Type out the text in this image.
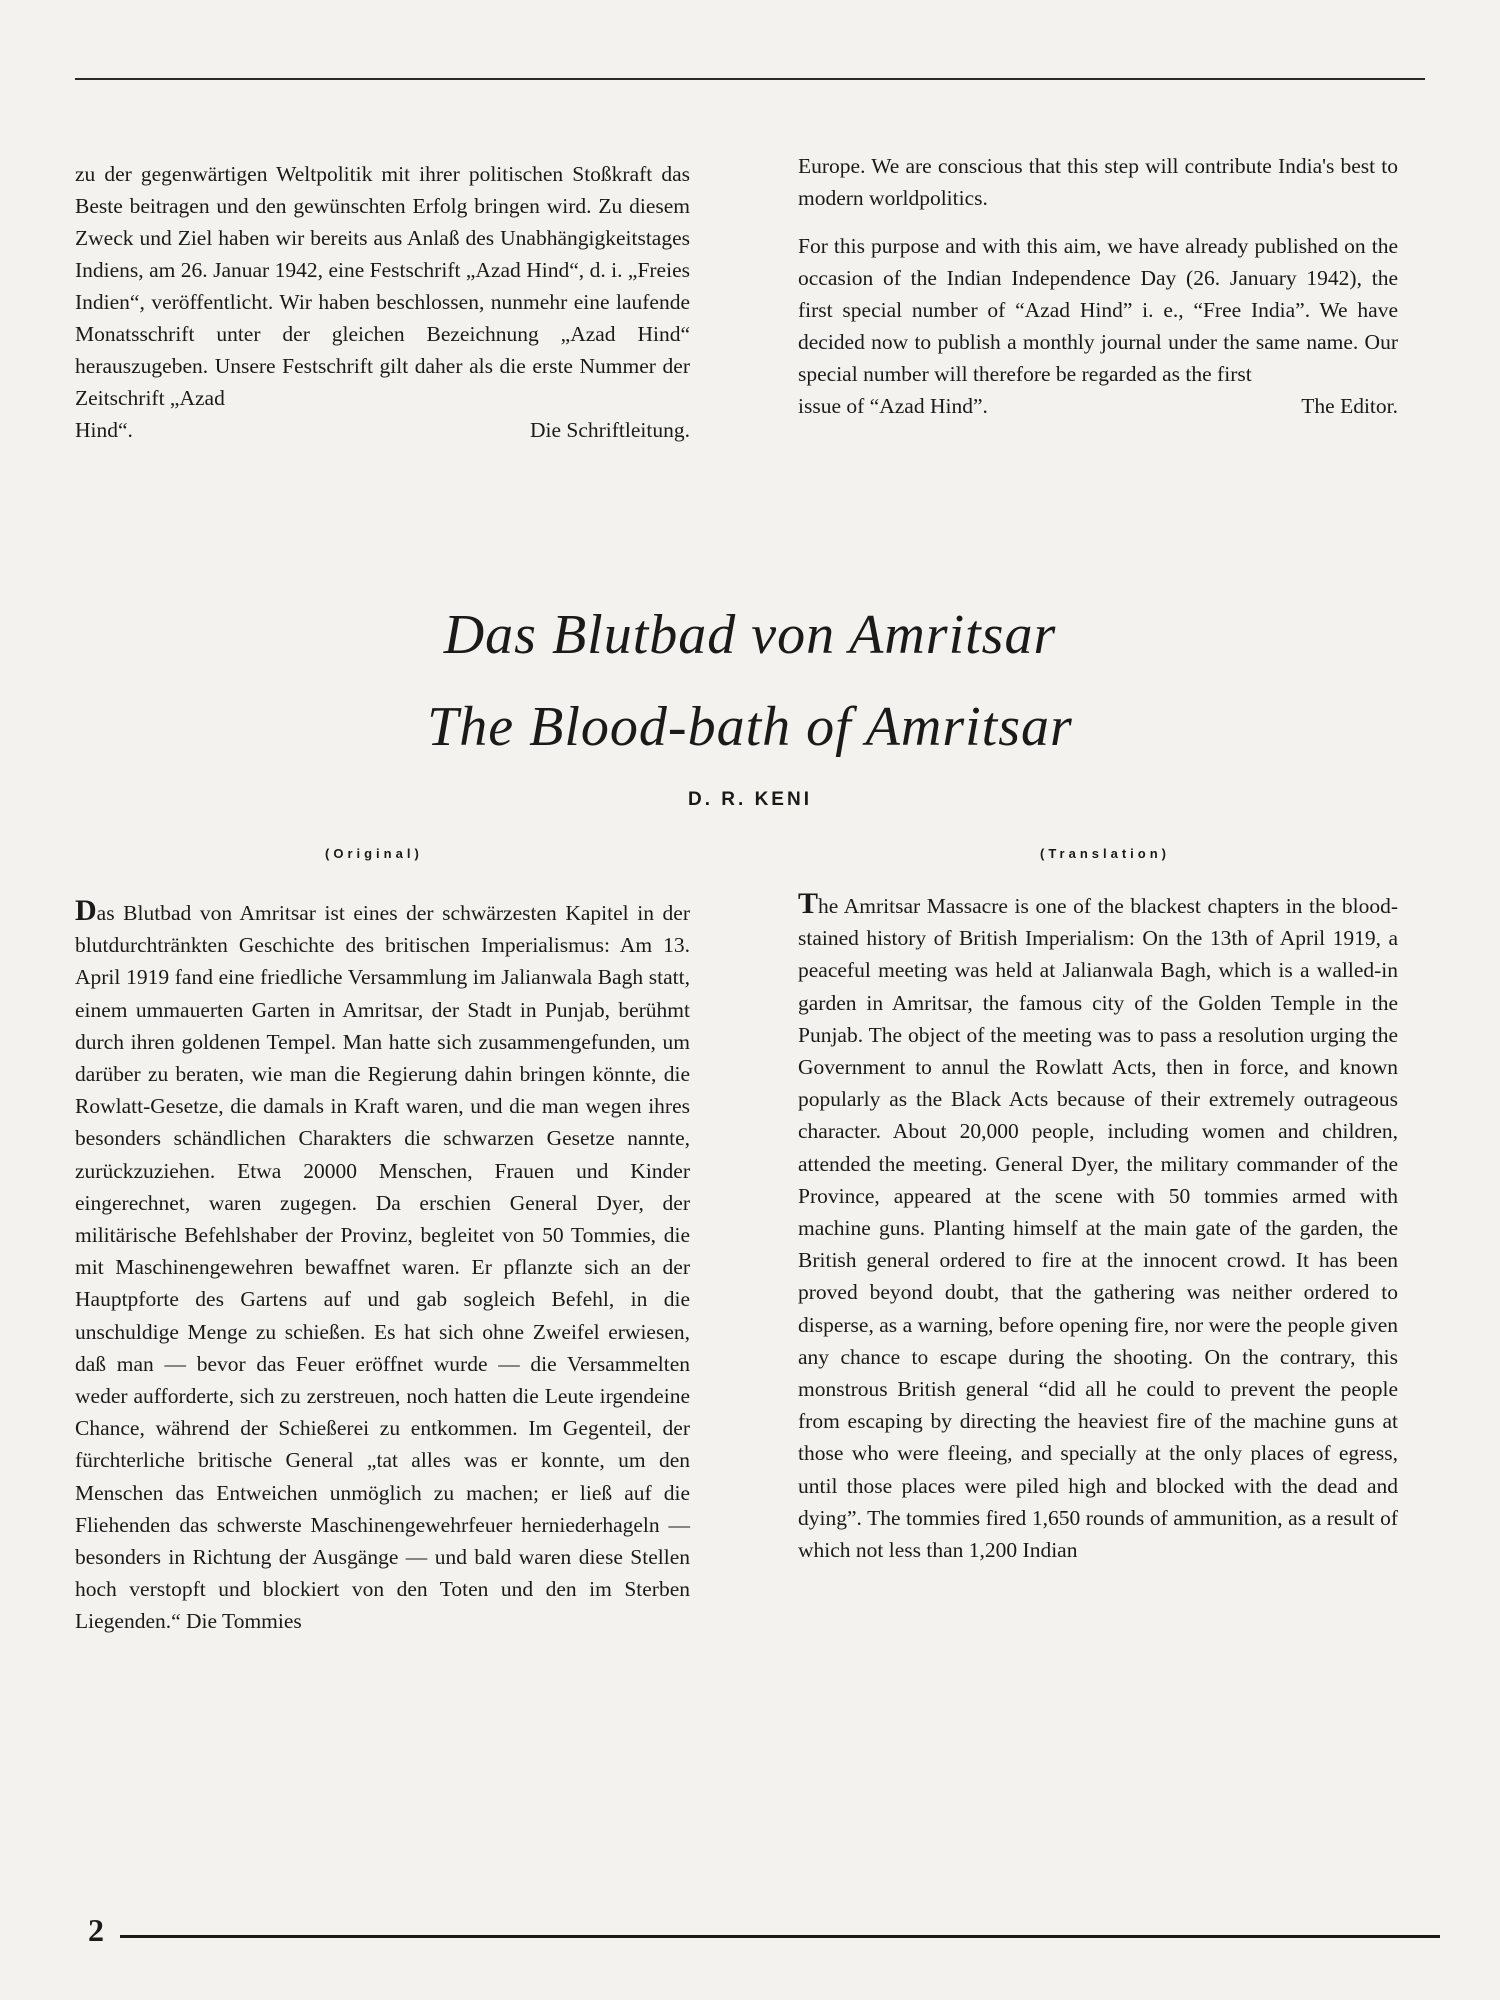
zu der gegenwärtigen Weltpolitik mit ihrer politischen Stoßkraft das Beste beitragen und den gewünschten Erfolg bringen wird. Zu diesem Zweck und Ziel haben wir bereits aus Anlaß des Unabhängigkeitstages Indiens, am 26. Januar 1942, eine Festschrift „Azad Hind“, d. i. „Freies Indien“, veröffentlicht. Wir haben beschlossen, nunmehr eine laufende Monatsschrift unter der gleichen Bezeichnung „Azad Hind“ herauszugeben. Unsere Festschrift gilt daher als die erste Nummer der Zeitschrift „Azad

Hind“.	Die Schriftleitung.

Europe. We are conscious that this step will contribute India's best to modern worldpolitics.

For this purpose and with this aim, we have already published on the occasion of the Indian Independence Day (26. January 1942), the first special number of “Azad Hind” i. e., “Free India”. We have decided now to publish a monthly journal under the same name. Our special number will therefore be regarded as the first

issue of “Azad Hind”.	The Editor.
Das Blutbad von Amritsar
The Blood-bath of Amritsar
D. R. KENI
(Original)	(Translation)

Das Blutbad von Amritsar ist eines der schwärzesten Kapitel in der blutdurchtränkten Geschichte des britischen Imperialismus: Am 13. April 1919 fand eine friedliche Versammlung im Jalianwala Bagh statt, einem ummauerten Garten in Amritsar, der Stadt in Punjab, berühmt durch ihren goldenen Tempel. Man hatte sich zusammengefunden, um darüber zu beraten, wie man die Regierung dahin bringen könnte, die Rowlatt-Gesetze, die damals in Kraft waren, und die man wegen ihres besonders schändlichen Charakters die schwarzen Gesetze nannte, zurückzuziehen. Etwa 20000 Menschen, Frauen und Kinder eingerechnet, waren zugegen. Da erschien General Dyer, der militärische Befehlshaber der Provinz, begleitet von 50 Tommies, die mit Maschinengewehren bewaffnet waren. Er pflanzte sich an der Hauptpforte des Gartens auf und gab sogleich Befehl, in die unschuldige Menge zu schießen. Es hat sich ohne Zweifel erwiesen, daß man — bevor das Feuer eröffnet wurde — die Versammelten weder aufforderte, sich zu zerstreuen, noch hatten die Leute irgendeine Chance, während der Schießerei zu entkommen. Im Gegenteil, der fürchterliche britische General „tat alles was er konnte, um den Menschen das Entweichen unmöglich zu machen; er ließ auf die Fliehenden das schwerste Maschinengewehrfeuer herniederhageln — besonders in Richtung der Ausgänge — und bald waren diese Stellen hoch verstopft und blockiert von den Toten und den im Sterben Liegenden.“ Die Tommies

The Amritsar Massacre is one of the blackest chapters in the blood-stained history of British Imperialism: On the 13th of April 1919, a peaceful meeting was held at Jalianwala Bagh, which is a walled-in garden in Amritsar, the famous city of the Golden Temple in the Punjab. The object of the meeting was to pass a resolution urging the Government to annul the Rowlatt Acts, then in force, and known popularly as the Black Acts because of their extremely outrageous character. About 20,000 people, including women and children, attended the meeting. General Dyer, the military commander of the Province, appeared at the scene with 50 tommies armed with machine guns. Planting himself at the main gate of the garden, the British general ordered to fire at the innocent crowd. It has been proved beyond doubt, that the gathering was neither ordered to disperse, as a warning, before opening fire, nor were the people given any chance to escape during the shooting. On the contrary, this monstrous British general “did all he could to prevent the people from escaping by directing the heaviest fire of the machine guns at those who were fleeing, and specially at the only places of egress, until those places were piled high and blocked with the dead and dying”. The tommies fired 1,650 rounds of ammunition, as a result of which not less than 1,200 Indian

2
